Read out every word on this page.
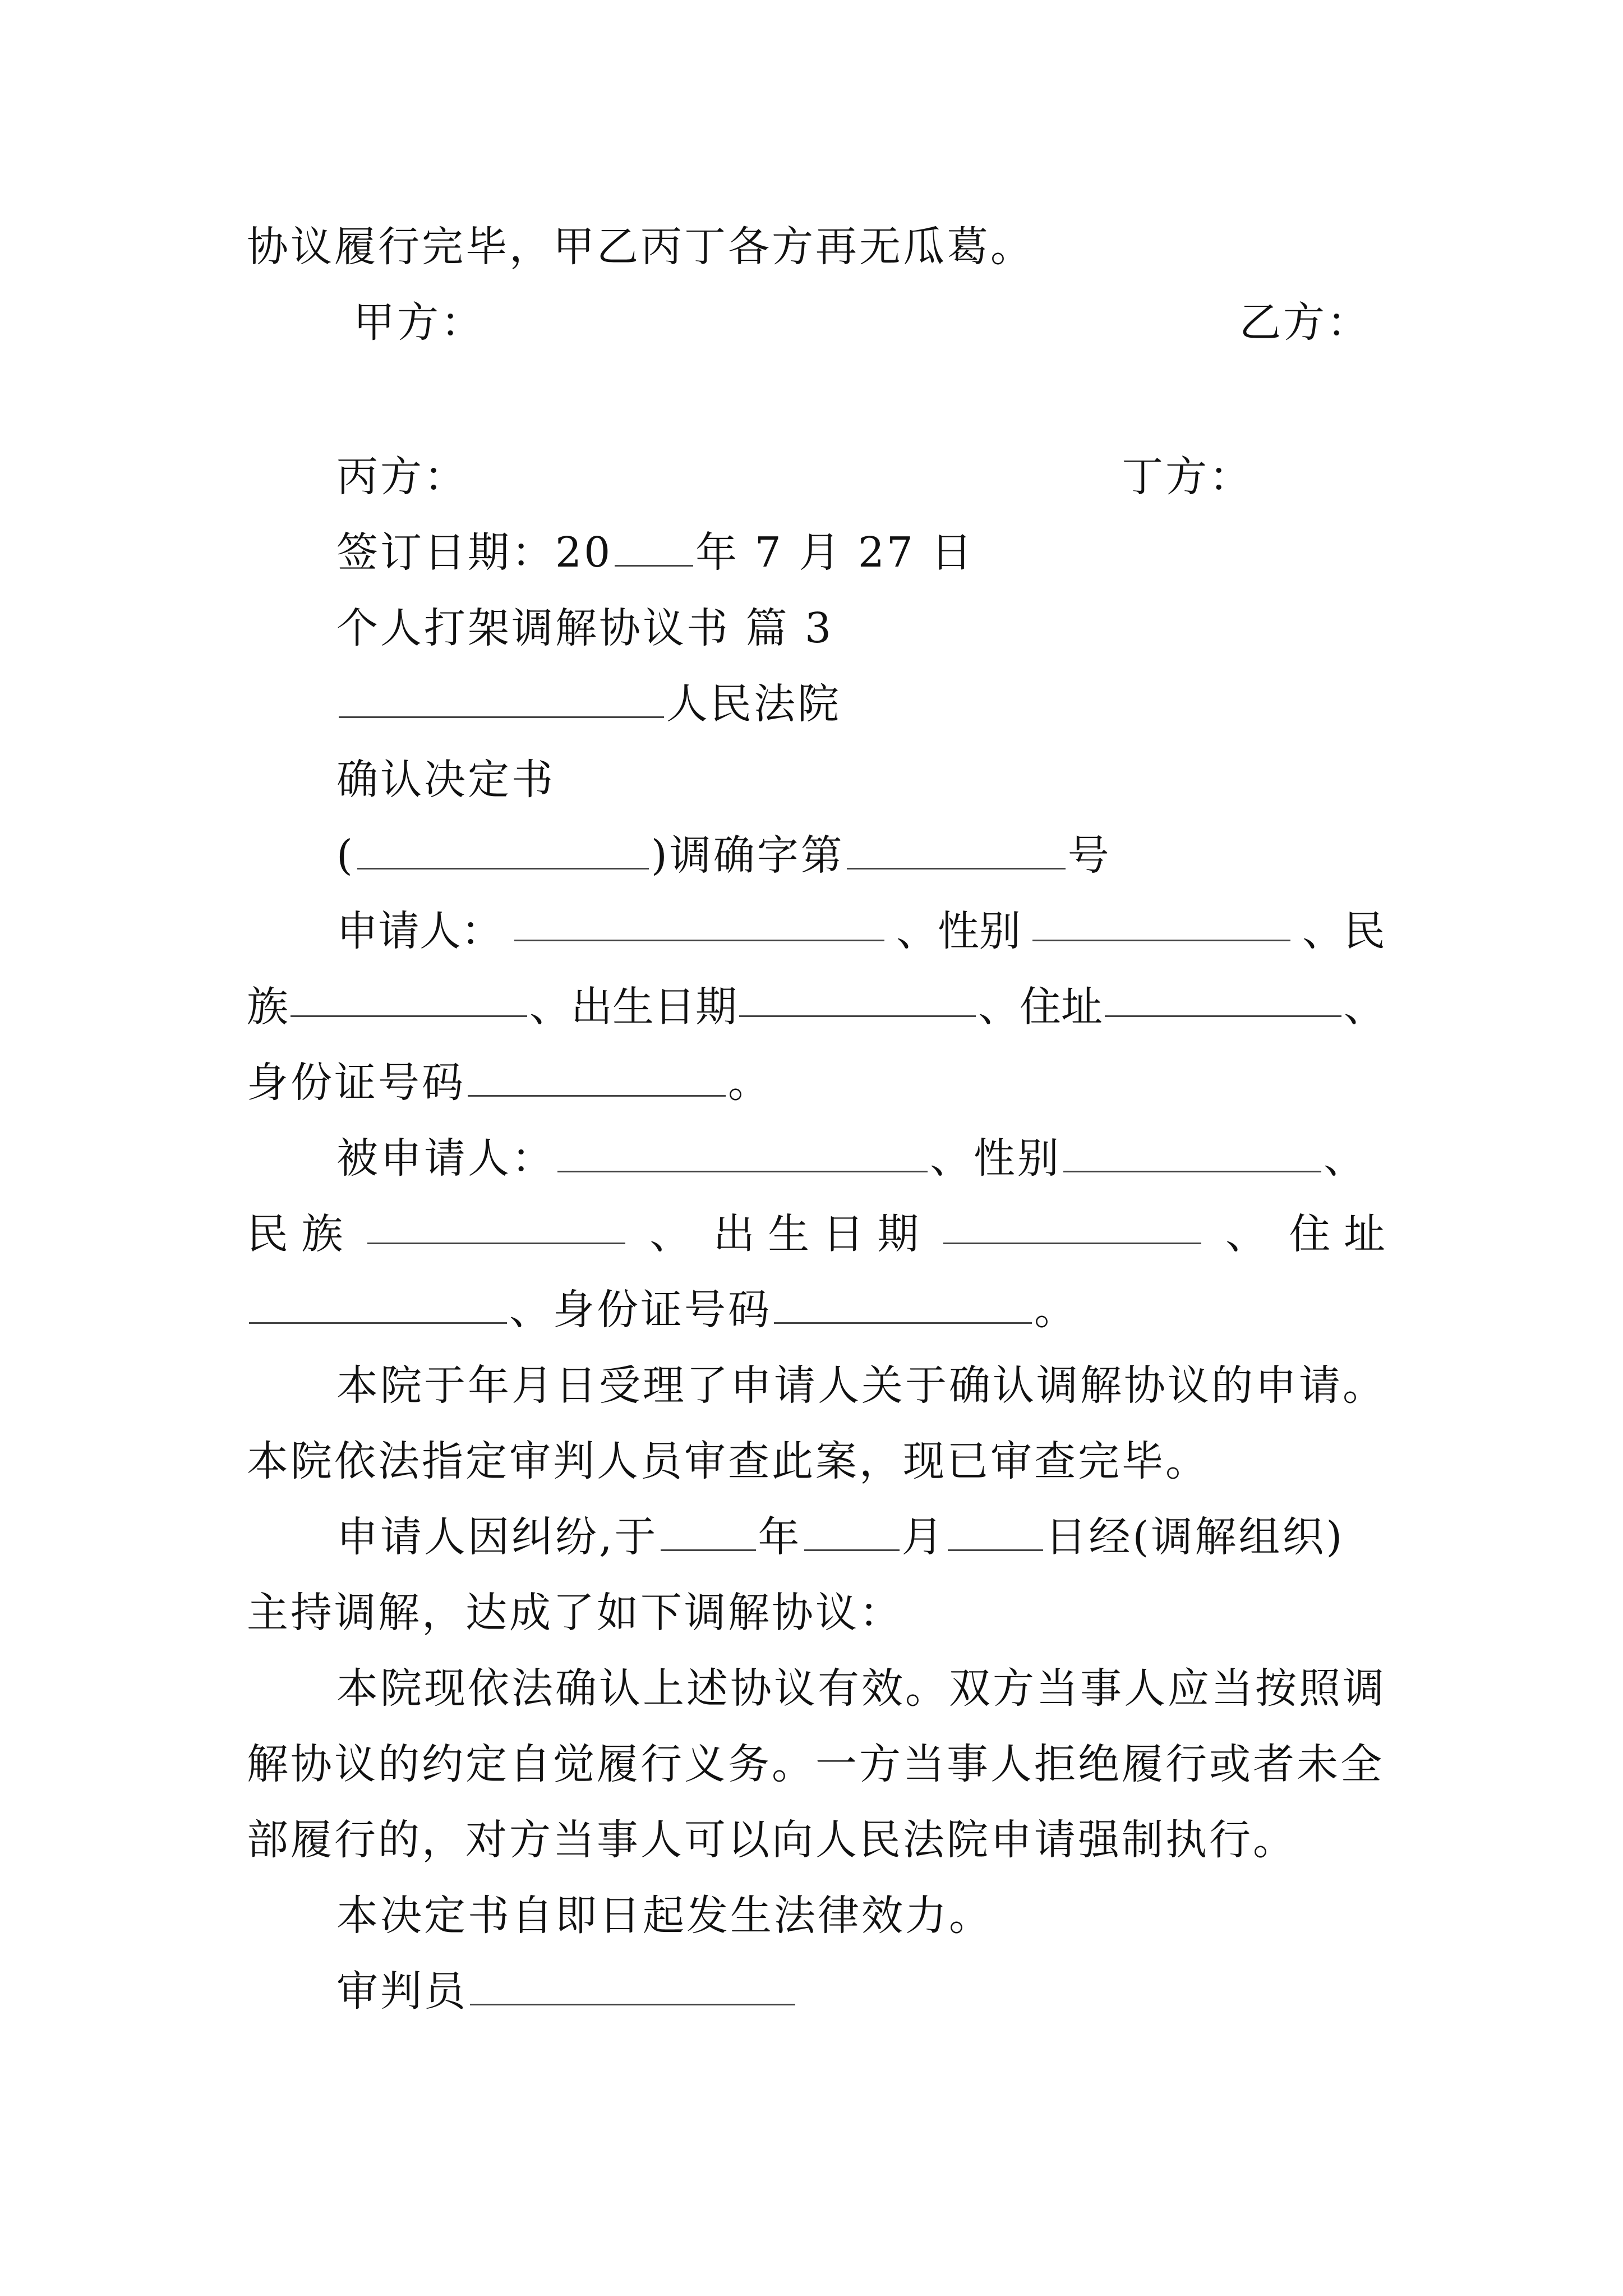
协议履行完毕，甲乙丙丁各方再无瓜葛。
甲方：	乙方：
丙方：	丁方：
签订日期：20 年 7 月 27 日
个人打架调解协议书 篇 3
人民法院
确认决定书
(	)调确字第	号
申请人：	、性别	、民
族	、出生日期	、住址	、
身份证号码	。
被申请人：	、性别	、
民 族	、 出 生 日 期	、 住 址
、身份证号码	。
本院于年月日受理了申请人关于确认调解协议的申请。
本院依法指定审判人员审查此案，现已审查完毕。
申请人因纠纷,于 年 月 日经(调解组织)
主持调解，达成了如下调解协议：
本院现依法确认上述协议有效。双方当事人应当按照调
解协议的约定自觉履行义务。一方当事人拒绝履行或者未全
部履行的，对方当事人可以向人民法院申请强制执行。
本决定书自即日起发生法律效力。
审判员
